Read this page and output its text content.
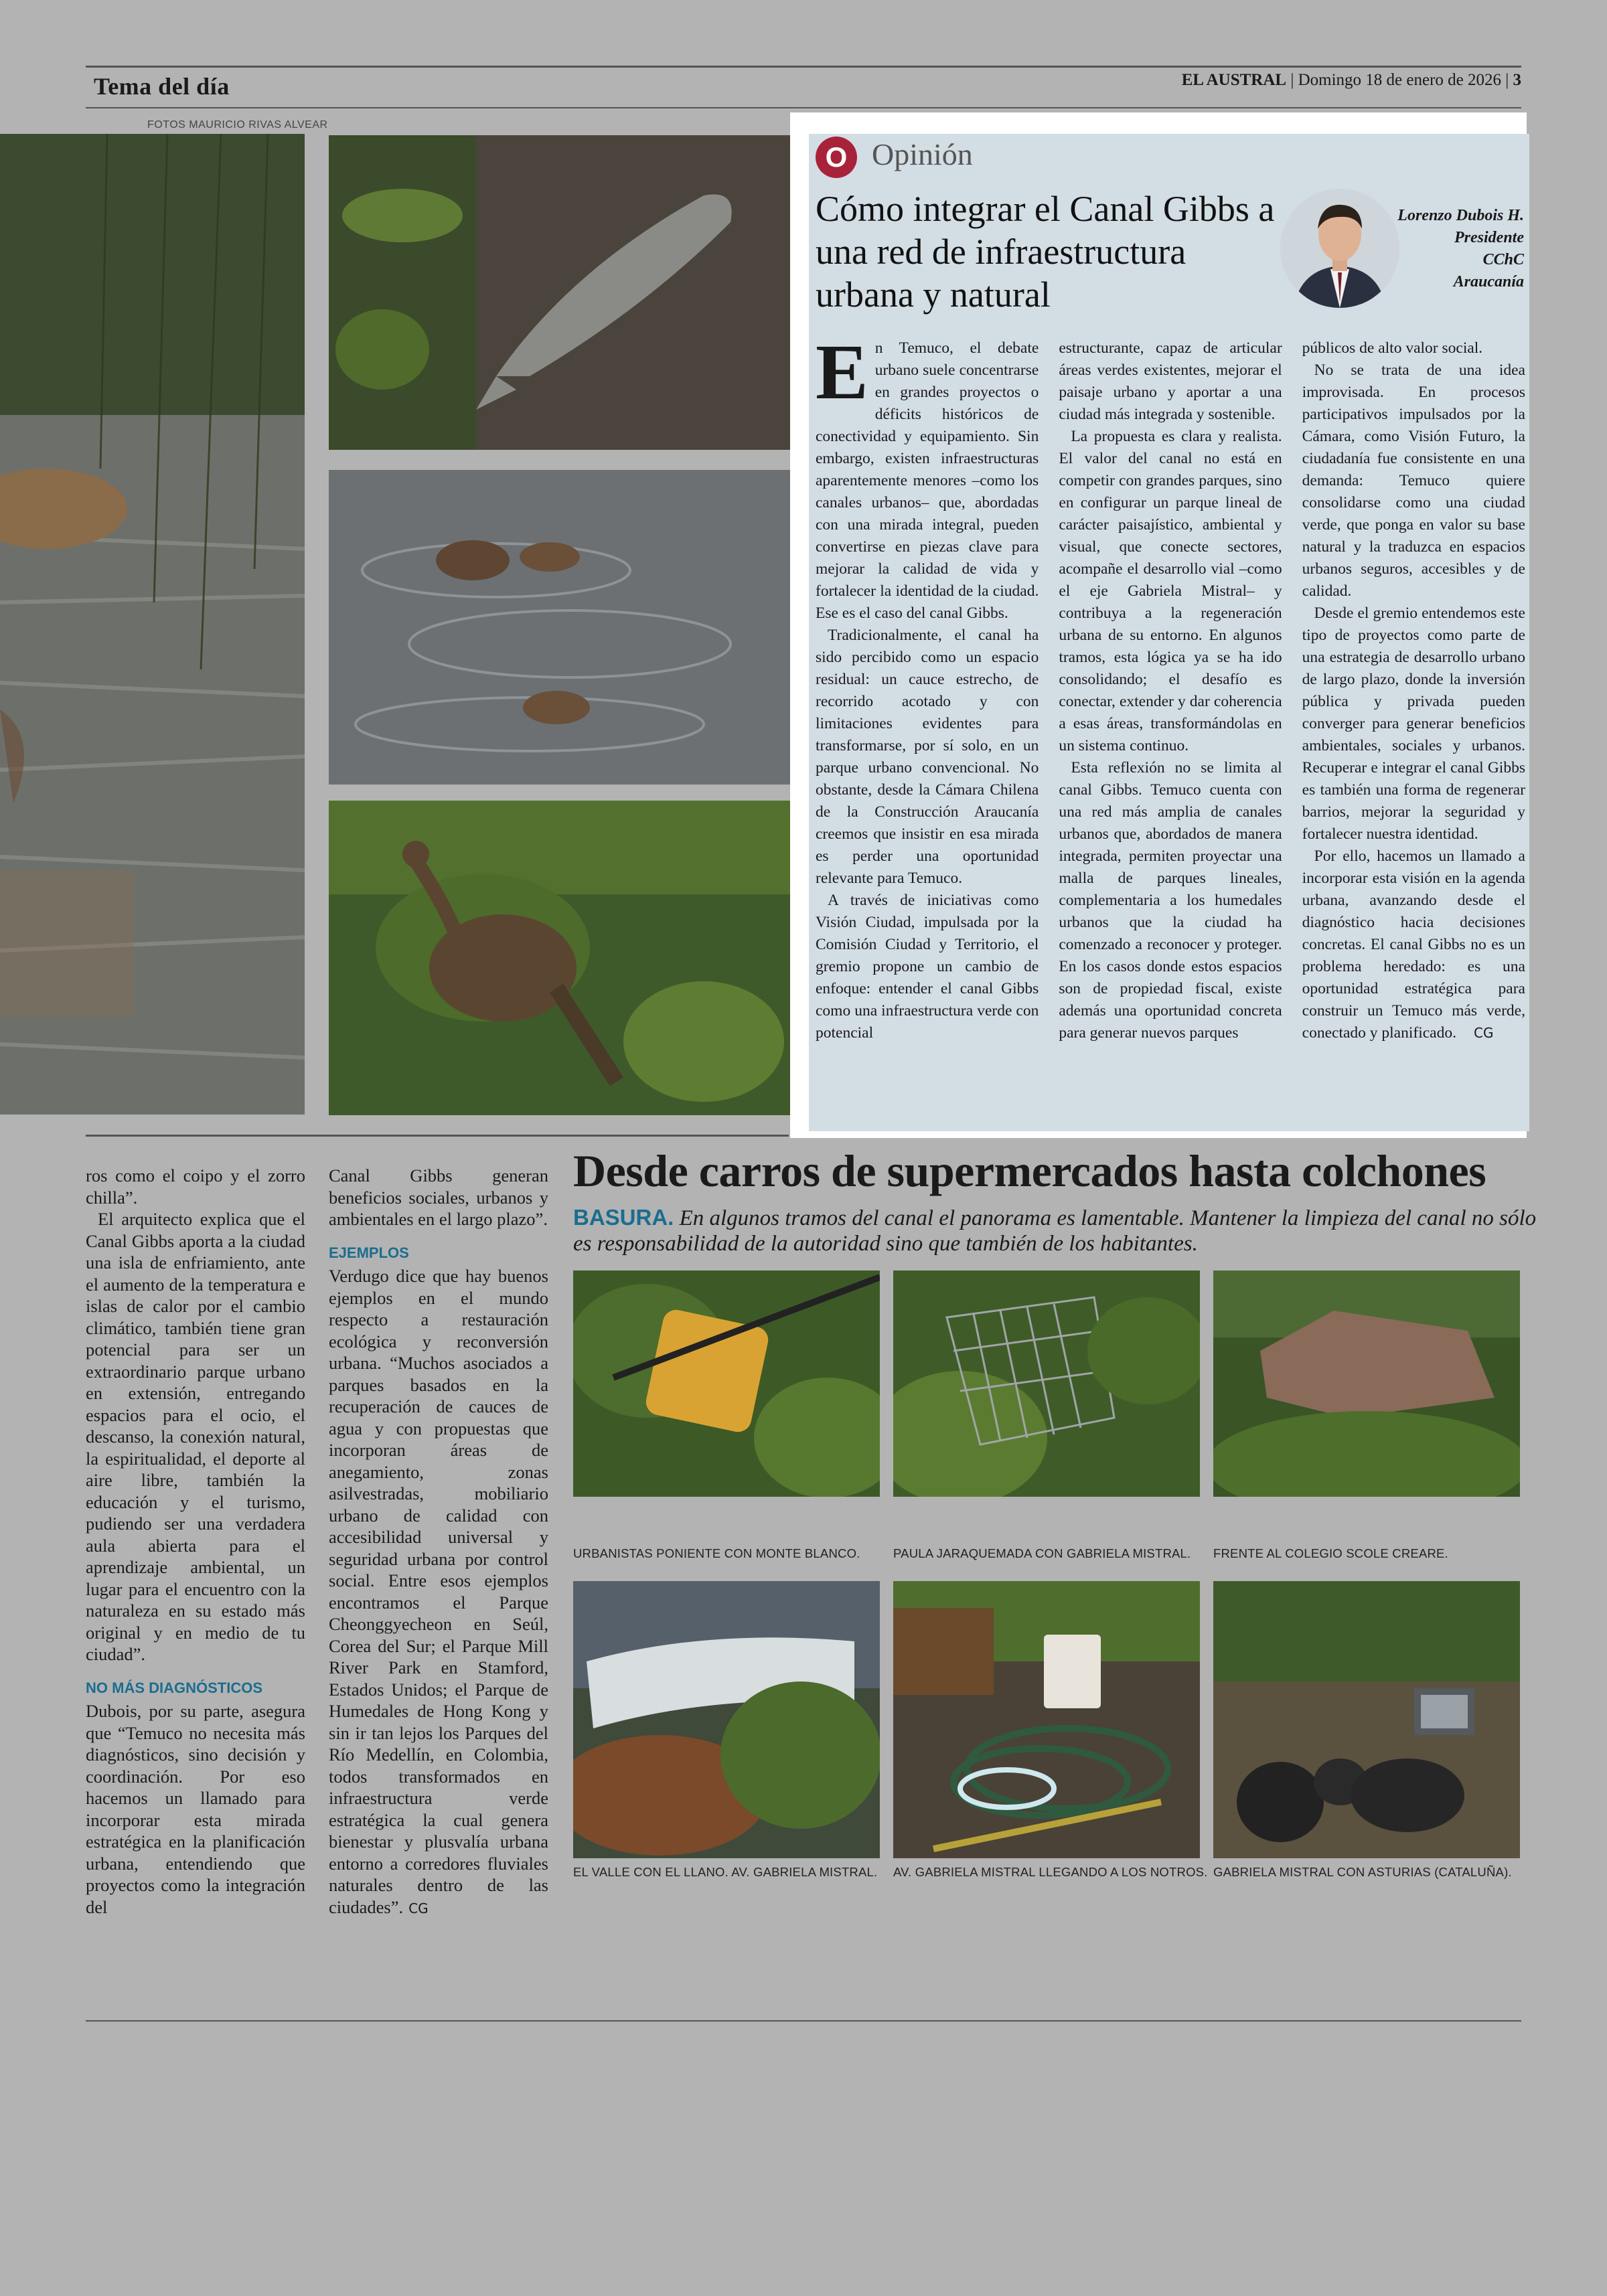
Tema del día	EL AUSTRAL | Domingo 18 de enero de 2026 | 3
FOTOS MAURICIO RIVAS ALVEAR
O Opinión
Cómo integrar el Canal Gibbs a una red de infraestructura urbana y natural
Lorenzo Dubois H.
Presidente
CChC
Araucanía

En Temuco, el debate urbano suele concentrarse en grandes proyectos o déficits históricos de conectividad y equipamiento. Sin embargo, existen infraestructuras aparentemente menores –como los canales urbanos– que, abordadas con una mirada integral, pueden convertirse en piezas clave para mejorar la calidad de vida y fortalecer la identidad de la ciudad. Ese es el caso del canal Gibbs.

Tradicionalmente, el canal ha sido percibido como un espacio residual: un cauce estrecho, de recorrido acotado y con limitaciones evidentes para transformarse, por sí solo, en un parque urbano convencional. No obstante, desde la Cámara Chilena de la Construcción Araucanía creemos que insistir en esa mirada es perder una oportunidad relevante para Temuco.

A través de iniciativas como Visión Ciudad, impulsada por la Comisión Ciudad y Territorio, el gremio propone un cambio de enfoque: entender el canal Gibbs como una infraestructura verde con potencial

estructurante, capaz de articular áreas verdes existentes, mejorar el paisaje urbano y aportar a una ciudad más integrada y sostenible.

La propuesta es clara y realista. El valor del canal no está en competir con grandes parques, sino en configurar un parque lineal de carácter paisajístico, ambiental y visual, que conecte sectores, acompañe el desarrollo vial –como el eje Gabriela Mistral– y contribuya a la regeneración urbana de su entorno. En algunos tramos, esta lógica ya se ha ido consolidando; el desafío es conectar, extender y dar coherencia a esas áreas, transformándolas en un sistema continuo.

Esta reflexión no se limita al canal Gibbs. Temuco cuenta con una red más amplia de canales urbanos que, abordados de manera integrada, permiten proyectar una malla de parques lineales, complementaria a los humedales urbanos que la ciudad ha comenzado a reconocer y proteger. En los casos donde estos espacios son de propiedad fiscal, existe además una oportunidad concreta para generar nuevos parques

públicos de alto valor social.

No se trata de una idea improvisada. En procesos participativos impulsados por la Cámara, como Visión Futuro, la ciudadanía fue consistente en una demanda: Temuco quiere consolidarse como una ciudad verde, que ponga en valor su base natural y la traduzca en espacios urbanos seguros, accesibles y de calidad.

Desde el gremio entendemos este tipo de proyectos como parte de una estrategia de desarrollo urbano de largo plazo, donde la inversión pública y privada pueden converger para generar beneficios ambientales, sociales y urbanos. Recuperar e integrar el canal Gibbs es también una forma de regenerar barrios, mejorar la seguridad y fortalecer nuestra identidad.

Por ello, hacemos un llamado a incorporar esta visión en la agenda urbana, avanzando desde el diagnóstico hacia decisiones concretas. El canal Gibbs no es un problema heredado: es una oportunidad estratégica para construir un Temuco más verde, conectado y planificado. CG

ros como el coipo y el zorro chilla”.

El arquitecto explica que el Canal Gibbs aporta a la ciudad una isla de enfriamiento, ante el aumento de la temperatura e islas de calor por el cambio climático, también tiene gran potencial para ser un extraordinario parque urbano en extensión, entregando espacios para el ocio, el descanso, la conexión natural, la espiritualidad, el deporte al aire libre, también la educación y el turismo, pudiendo ser una verdadera aula abierta para el aprendizaje ambiental, un lugar para el encuentro con la naturaleza en su estado más original y en medio de tu ciudad”.

NO MÁS DIAGNÓSTICOS

Dubois, por su parte, asegura que “Temuco no necesita más diagnósticos, sino decisión y coordinación. Por eso hacemos un llamado para incorporar esta mirada estratégica en la planificación urbana, entendiendo que proyectos como la integración del

Canal Gibbs generan beneficios sociales, urbanos y ambientales en el largo plazo”.

EJEMPLOS

Verdugo dice que hay buenos ejemplos en el mundo respecto a restauración ecológica y reconversión urbana. “Muchos asociados a parques basados en la recuperación de cauces de agua y con propuestas que incorporan áreas de anegamiento, zonas asilvestradas, mobiliario urbano de calidad con accesibilidad universal y seguridad urbana por control social. Entre esos ejemplos encontramos el Parque Cheonggyecheon en Seúl, Corea del Sur; el Parque Mill River Park en Stamford, Estados Unidos; el Parque de Humedales de Hong Kong y sin ir tan lejos los Parques del Río Medellín, en Colombia, todos transformados en infraestructura verde estratégica la cual genera bienestar y plusvalía urbana entorno a corredores fluviales naturales dentro de las ciudades”. CG

Desde carros de supermercados hasta colchones
BASURA. En algunos tramos del canal el panorama es lamentable. Mantener la limpieza del canal no sólo es responsabilidad de la autoridad sino que también de los habitantes.
URBANISTAS PONIENTE CON MONTE BLANCO.	PAULA JARAQUEMADA CON GABRIELA MISTRAL. FRENTE AL COLEGIO SCOLE CREARE.
EL VALLE CON EL LLANO. AV. GABRIELA MISTRAL. AV. GABRIELA MISTRAL LLEGANDO A LOS NOTROS. GABRIELA MISTRAL CON ASTURIAS (CATALUÑA).
